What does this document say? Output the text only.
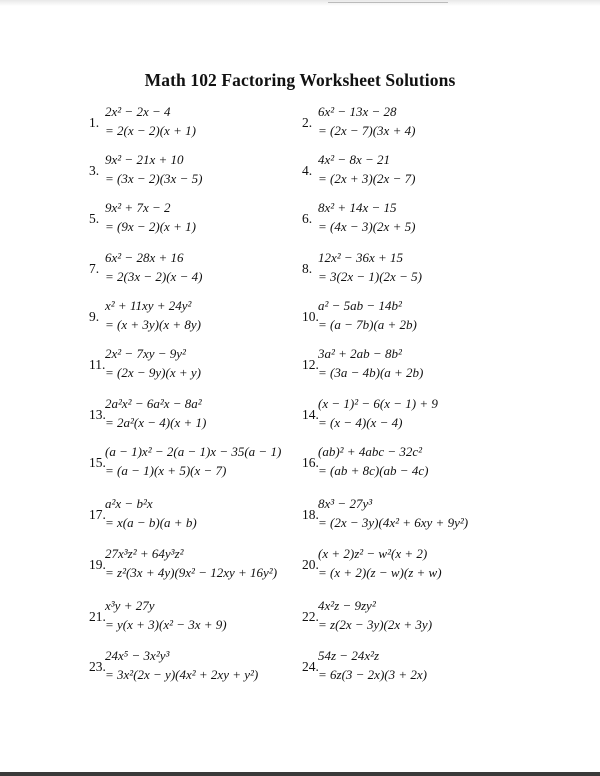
Math 102 Factoring Worksheet Solutions
1.
2x² − 2x − 4
= 2(x − 2)(x + 1)
2.
6x² − 13x − 28
= (2x − 7)(3x + 4)
3.
9x² − 21x + 10
= (3x − 2)(3x − 5)
4.
4x² − 8x − 21
= (2x + 3)(2x − 7)
5.
9x² + 7x − 2
= (9x − 2)(x + 1)
6.
8x² + 14x − 15
= (4x − 3)(2x + 5)
7.
6x² − 28x + 16
= 2(3x − 2)(x − 4)
8.
12x² − 36x + 15
= 3(2x − 1)(2x − 5)
9.
x² + 11xy + 24y²
= (x + 3y)(x + 8y)
10.
a² − 5ab − 14b²
= (a − 7b)(a + 2b)
11.
2x² − 7xy − 9y²
= (2x − 9y)(x + y)
12.
3a² + 2ab − 8b²
= (3a − 4b)(a + 2b)
13.
2a²x² − 6a²x − 8a²
= 2a²(x − 4)(x + 1)
14.
(x − 1)² − 6(x − 1) + 9
= (x − 4)(x − 4)
15.
(a − 1)x² − 2(a − 1)x − 35(a − 1)
= (a − 1)(x + 5)(x − 7)
16.
(ab)² + 4abc − 32c²
= (ab + 8c)(ab − 4c)
17.
a²x − b²x
= x(a − b)(a + b)
18.
8x³ − 27y³
= (2x − 3y)(4x² + 6xy + 9y²)
19.
27x³z² + 64y³z²
= z²(3x + 4y)(9x² − 12xy + 16y²)
20.
(x + 2)z² − w²(x + 2)
= (x + 2)(z − w)(z + w)
21.
x³y + 27y
= y(x + 3)(x² − 3x + 9)
22.
4x²z − 9zy²
= z(2x − 3y)(2x + 3y)
23.
24x⁵ − 3x²y³
= 3x²(2x − y)(4x² + 2xy + y²)
24.
54z − 24x²z
= 6z(3 − 2x)(3 + 2x)
